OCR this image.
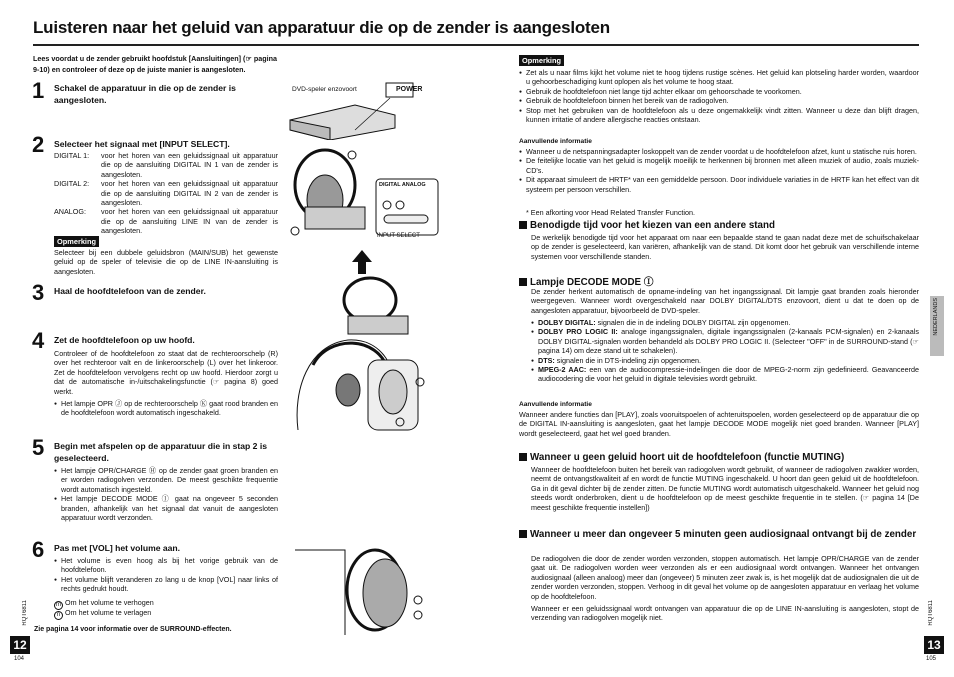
Luisteren naar het geluid van apparatuur die op de zender is aangesloten
Lees voordat u de zender gebruikt hoofdstuk [Aansluitingen] (☞ pagina 9-10) en controleer of deze op de juiste manier is aangesloten.
1 Schakel de apparatuur in die op de zender is aangesloten.
2 Selecteer het signaal met [INPUT SELECT].
DIGITAL 1:	voor het horen van een geluidssignaal uit apparatuur die op de aansluiting DIGITAL IN 1 van de zender is aangesloten.
DIGITAL 2:	voor het horen van een geluidssignaal uit apparatuur die op de aansluiting DIGITAL IN 2 van de zender is aangesloten.
ANALOG:	voor het horen van een geluidssignaal uit apparatuur die op de aansluiting LINE IN van de zender is aangesloten.
Opmerking
Selecteer bij een dubbele geluidsbron (MAIN/SUB) het gewenste geluid op de speler of televisie die op de LINE IN-aansluiting is aangesloten.
3 Haal de hoofdtelefoon van de zender.
4 Zet de hoofdtelefoon op uw hoofd.
Controleer of de hoofdtelefoon zo staat dat de rechteroorschelp (R) over het rechteroor valt en de linkeroorschelp (L) over het linkeroor. Zet de hoofdtelefoon vervolgens recht op uw hoofd. Hierdoor zorgt u dat de automatische in-/uitschakelingsfunctie (☞ pagina 8) goed werkt.
● Het lampje OPR Ⓙ op de rechteroorschelp Ⓚ gaat rood branden en de hoofdtelefoon wordt automatisch ingeschakeld.
5 Begin met afspelen op de apparatuur die in stap 2 is geselecteerd.
● Het lampje OPR/CHARGE Ⓗ op de zender gaat groen branden en er worden radiogolven verzonden. De meest geschikte frequentie wordt automatisch ingesteld.
● Het lampje DECODE MODE Ⓘ gaat na ongeveer 5 seconden branden, afhankelijk van het signaal dat vanuit de aangesloten apparatuur wordt verzonden.
6 Pas met [VOL] het volume aan.
● Het volume is even hoog als bij het vorige gebruik van de hoofdtelefoon.
● Het volume blijft veranderen zo lang u de knop [VOL] naar links of rechts gedrukt houdt.
m Om het volume te verhogen
n Om het volume te verlagen
Zie pagina 14 voor informatie over de SURROUND-effecten.
RQT6811
12
104
DVD-speler enzovoort	POWER
DIGITAL ANALOG
INPUT SELECT
Opmerking
● Zet als u naar films kijkt het volume niet te hoog tijdens rustige scènes. Het geluid kan plotseling harder worden, waardoor u gehoorbeschadiging kunt oplopen als het volume te hoog staat.
● Gebruik de hoofdtelefoon niet lange tijd achter elkaar om gehoorschade te voorkomen.
● Gebruik de hoofdtelefoon binnen het bereik van de radiogolven.
● Stop met het gebruiken van de hoofdtelefoon als u deze ongemakkelijk vindt zitten. Wanneer u deze dan blijft dragen, kunnen irritatie of andere allergische reacties ontstaan.
Aanvullende informatie
● Wanneer u de netspanningsadapter loskoppelt van de zender voordat u de hoofdtelefoon afzet, kunt u statische ruis horen.
● De feitelijke locatie van het geluid is mogelijk moeilijk te herkennen bij bronnen met alleen muziek of audio, zoals muziek-CD's.
● Dit apparaat simuleert de HRTF* van een gemiddelde persoon. Door individuele variaties in de HRTF kan het effect van dit systeem per persoon verschillen.
* Een afkorting voor Head Related Transfer Function.
Benodigde tijd voor het kiezen van een andere stand
De werkelijk benodigde tijd voor het apparaat om naar een bepaalde stand te gaan nadat deze met de schuifschakelaar op de zender is geselecteerd, kan variëren, afhankelijk van de stand. Dit komt door het gebruik van verschillende interne systemen voor verschillende standen.
Lampje DECODE MODE Ⓘ
De zender herkent automatisch de opname-indeling van het ingangssignaal. Dit lampje gaat branden zoals hieronder weergegeven. Wanneer wordt overgeschakeld naar DOLBY DIGITAL/DTS enzovoort, dient u dat te doen op de aangesloten apparatuur, bijvoorbeeld de DVD-speler.
● DOLBY DIGITAL: signalen die in de indeling DOLBY DIGITAL zijn opgenomen.
● DOLBY PRO LOGIC II: analoge ingangssignalen, digitale ingangssignalen (2-kanaals PCM-signalen) en 2-kanaals DOLBY DIGITAL-signalen worden behandeld als DOLBY PRO LOGIC II. (Selecteer "OFF" in de SURROUND-stand (☞ pagina 14) om deze stand uit te schakelen).
● DTS: signalen die in DTS-indeling zijn opgenomen.
● MPEG-2 AAC: een van de audiocompressie-indelingen die door de MPEG-2-norm zijn gedefinieerd. Geavanceerde audiocodering die voor het geluid in digitale televisies wordt gebruikt.
Aanvullende informatie
Wanneer andere functies dan [PLAY], zoals vooruitspoelen of achteruitspoelen, worden geselecteerd op de apparatuur die op de DIGITAL IN-aansluiting is aangesloten, gaat het lampje DECODE MODE mogelijk niet goed branden. Wanneer [PLAY] wordt geselecteerd, gaat het wel goed branden.
Wanneer u geen geluid hoort uit de hoofdtelefoon (functie MUTING)
Wanneer de hoofdtelefoon buiten het bereik van radiogolven wordt gebruikt, of wanneer de radiogolven zwakker worden, neemt de ontvangstkwaliteit af en wordt de functie MUTING ingeschakeld. U hoort dan geen geluid uit de hoofdtelefoon. Ga in dit geval dichter bij de zender zitten. De functie MUTING wordt automatisch uitgeschakeld. Wanneer het geluid nog steeds wordt onderbroken, dient u de hoofdtelefoon op de meest geschikte frequentie in te stellen. (☞ pagina 14 [De meest geschikte frequentie instellen])
Wanneer u meer dan ongeveer 5 minuten geen audiosignaal ontvangt bij de zender
De radiogolven die door de zender worden verzonden, stoppen automatisch. Het lampje OPR/CHARGE van de zender gaat uit. De radiogolven worden weer verzonden als er een audiosignaal wordt ontvangen. Wanneer het ontvangen audiosignaal (alleen analoog) meer dan (ongeveer) 5 minuten zeer zwak is, is het mogelijk dat de audiosignalen die uit de zender worden verzonden, stoppen. Verhoog in dit geval het volume op de aangesloten apparatuur en verlaag het volume op de hoofdtelefoon.
Wanneer er een geluidssignaal wordt ontvangen van apparatuur die op de LINE IN-aansluiting is aangesloten, stopt de verzending van radiogolven mogelijk niet.
NEDERLANDS
RQT6811
13
105
